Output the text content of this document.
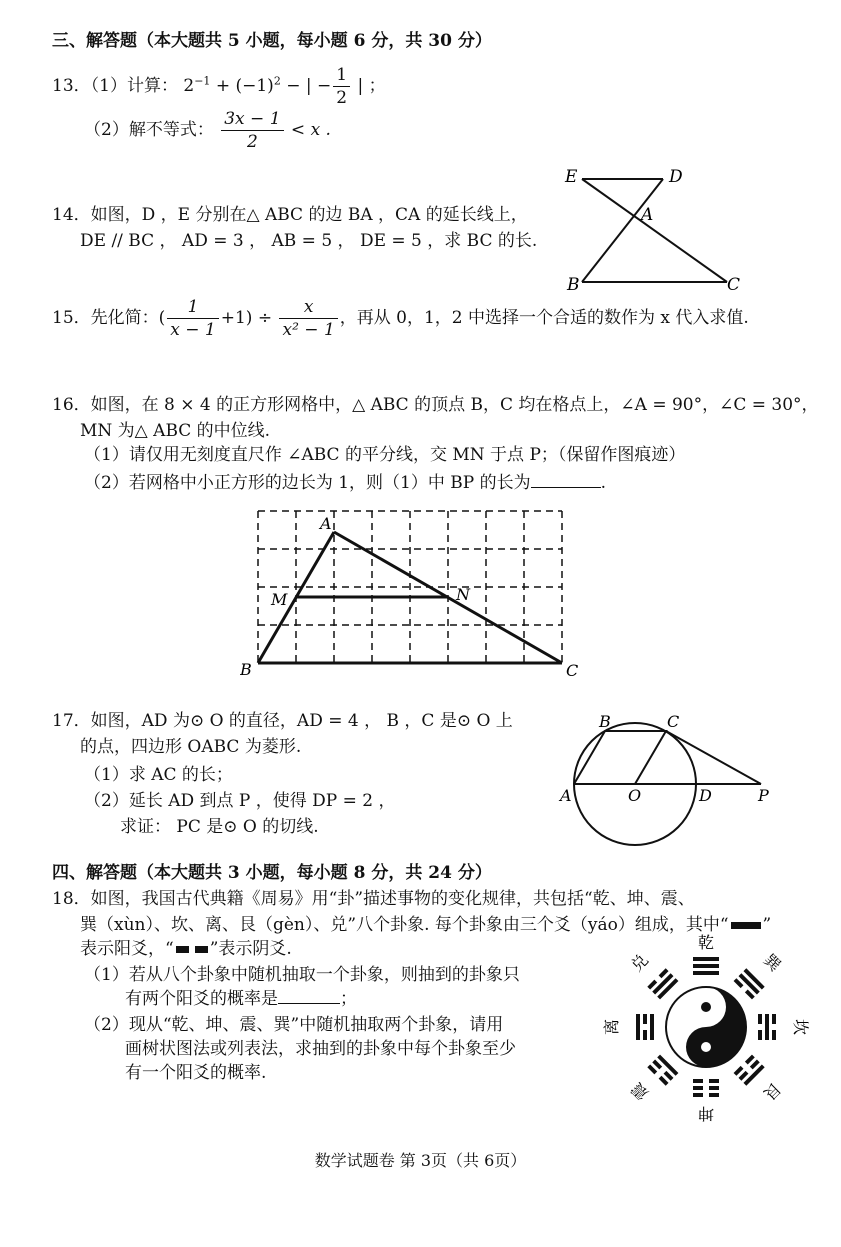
三、解答题（本大题共 5 小题，每小题 6 分，共 30 分）
13．（1）计算： $2^{-1} + (-1)^2$ − | − $\frac{1}{2}$ | ；
（2）解不等式： $\frac{3x - 1}{2} < x$ .
14．如图，D ，E 分别在△ ABC 的边 BA ，CA 的延长线上，
DE // BC ， AD = 3 ， AB = 5 ， DE = 5 ，求 BC 的长.
E	D
A
B	C
15．先化简：( $\frac{1}{x - 1} +1) \div \frac{x}{\text{x² − 1}}$ ，再从 0，1，2 中选择一个合适的数作为 x 代入求值.
16．如图，在 8 × 4 的正方形网格中，△ ABC 的顶点 B，C 均在格点上，∠A = 90°，∠C = 30°，
MN 为△ ABC 的中位线.
（1）请仅用无刻度直尺作 ∠ABC 的平分线，交 MN 于点 P；（保留作图痕迹）
（2）若网格中小正方形的边长为 1，则（1）中 BP 的长为	.
A
M	N
B	C
17．如图，AD 为⊙ O 的直径，AD = 4 ， B ，C 是⊙ O 上
的点，四边形 OABC 为菱形.
（1）求 AC 的长；
（2）延长 AD 到点 P ，使得 DP = 2 ，
求证： PC 是⊙ O 的切线.
B	C
A	O	D	P
四、解答题（本大题共 3 小题，每小题 8 分，共 24 分）
18．如图，我国古代典籍《周易》用“卦”描述事物的变化规律，共包括“乾、坤、震、
巽（xùn）、坎、离、艮（gèn）、兑”八个卦象. 每个卦象由三个爻（yáo）组成，其中“ ”
表示阳爻，“ ”表示阴爻.
（1）若从八个卦象中随机抽取一个卦象，则抽到的卦象只
有两个阳爻的概率是	；
（2）现从“乾、坤、震、巽”中随机抽取两个卦象，请用
画树状图法或列表法，求抽到的卦象中每个卦象至少
有一个阳爻的概率.
乾
坤
坎
离
巽
兑
艮
震
数学试题卷 第 3页（共 6页）
